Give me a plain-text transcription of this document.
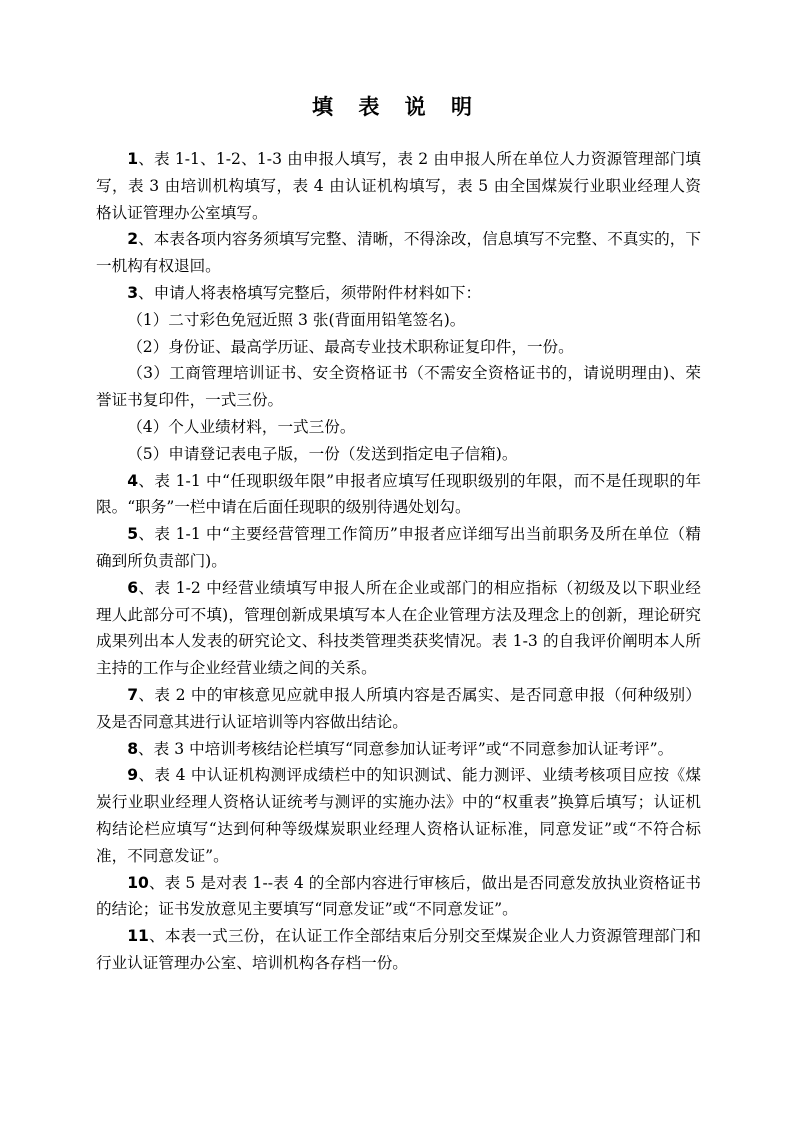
填 表 说 明

1、表 1-1、1-2、1-3 由申报人填写，表 2 由申报人所在单位人力资源管理部门填写，表 3 由培训机构填写，表 4 由认证机构填写，表 5 由全国煤炭行业职业经理人资格认证管理办公室填写。

2、本表各项内容务须填写完整、清晰，不得涂改，信息填写不完整、不真实的，下一机构有权退回。

3、申请人将表格填写完整后，须带附件材料如下：

（1）二寸彩色免冠近照 3 张(背面用铅笔签名)。

（2）身份证、最高学历证、最高专业技术职称证复印件，一份。

（3）工商管理培训证书、安全资格证书（不需安全资格证书的，请说明理由)、荣誉证书复印件，一式三份。

（4）个人业绩材料，一式三份。

（5）申请登记表电子版，一份（发送到指定电子信箱)。

4、表 1-1 中“任现职级年限”申报者应填写任现职级别的年限，而不是任现职的年限。“职务”一栏中请在后面任现职的级别待遇处划勾。

5、表 1-1 中“主要经营管理工作简历”申报者应详细写出当前职务及所在单位（精确到所负责部门)。

6、表 1-2 中经营业绩填写申报人所在企业或部门的相应指标（初级及以下职业经理人此部分可不填)，管理创新成果填写本人在企业管理方法及理念上的创新，理论研究成果列出本人发表的研究论文、科技类管理类获奖情况。表 1-3 的自我评价阐明本人所主持的工作与企业经营业绩之间的关系。

7、表 2 中的审核意见应就申报人所填内容是否属实、是否同意申报（何种级别）及是否同意其进行认证培训等内容做出结论。

8、表 3 中培训考核结论栏填写“同意参加认证考评”或“不同意参加认证考评”。

9、表 4 中认证机构测评成绩栏中的知识测试、能力测评、业绩考核项目应按《煤炭行业职业经理人资格认证统考与测评的实施办法》中的“权重表”换算后填写；认证机构结论栏应填写“达到何种等级煤炭职业经理人资格认证标准，同意发证”或“不符合标准，不同意发证”。

10、表 5 是对表 1--表 4 的全部内容进行审核后，做出是否同意发放执业资格证书的结论；证书发放意见主要填写“同意发证”或“不同意发证”。

11、本表一式三份，在认证工作全部结束后分别交至煤炭企业人力资源管理部门和行业认证管理办公室、培训机构各存档一份。
